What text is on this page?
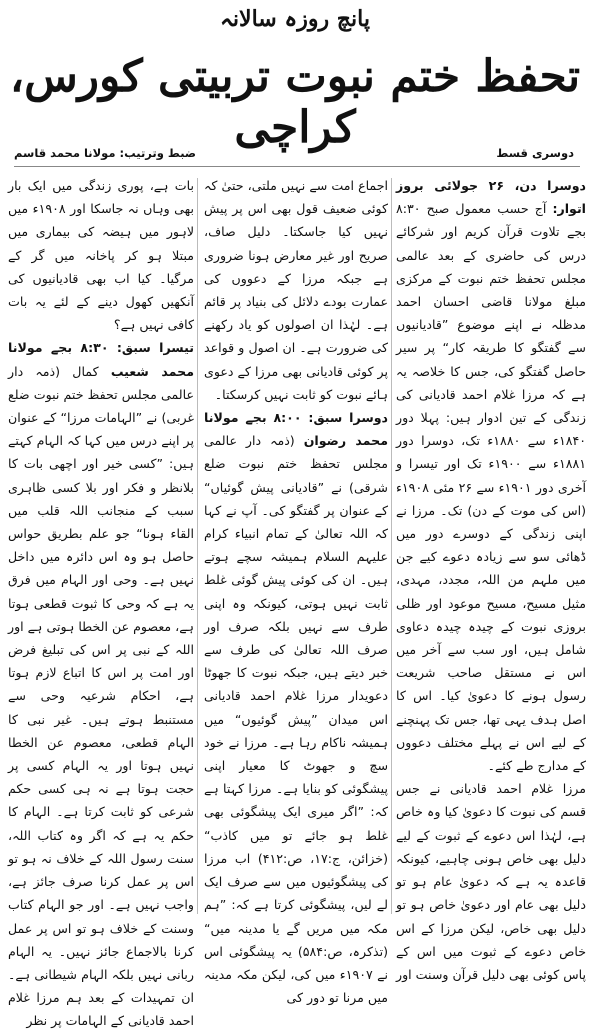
پانچ روزہ سالانہ
تحفظ ختم نبوت تربیتی کورس، کراچی
ضبط وترتیب: مولانا محمد قاسم	دوسری قسط

دوسرا دن، ۲۶ جولائی بروز اتوار: آج حسب معمول صبح ۸:۳۰ بجے تلاوت قرآن کریم اور شرکائے درس کی حاضری کے بعد عالمی مجلس تحفظ ختم نبوت کے مرکزی مبلغ مولانا قاضی احسان احمد مدظلہ نے اپنے موضوع ”قادیانیوں سے گفتگو کا طریقہ کار“ پر سیر حاصل گفتگو کی، جس کا خلاصہ یہ ہے کہ مرزا غلام احمد قادیانی کی زندگی کے تین ادوار ہیں: پہلا دور ۱۸۴۰ء سے ۱۸۸۰ء تک، دوسرا دور ۱۸۸۱ء سے ۱۹۰۰ء تک اور تیسرا و آخری دور ۱۹۰۱ء سے ۲۶ مئی ۱۹۰۸ء (اس کی موت کے دن) تک۔ مرزا نے اپنی زندگی کے دوسرے دور میں ڈھائی سو سے زیادہ دعوے کیے جن میں ملہم من اللہ، مجدد، مہدی، مثیل مسیح، مسیح موعود اور ظلی بروزی نبوت کے چیدہ چیدہ دعاوی شامل ہیں، اور سب سے آخر میں اس نے مستقل صاحب شریعت رسول ہونے کا دعویٰ کیا۔ اس کا اصل ہدف یہی تھا، جس تک پہنچنے کے لیے اس نے پہلے مختلف دعووں کے مدارج طے کئے۔

مرزا غلام احمد قادیانی نے جس قسم کی نبوت کا دعویٰ کیا وہ خاص ہے، لہٰذا اس دعوے کے ثبوت کے لیے دلیل بھی خاص ہونی چاہیے، کیونکہ قاعدہ یہ ہے کہ دعویٰ عام ہو تو دلیل بھی عام اور دعویٰ خاص ہو تو دلیل بھی خاص، لیکن مرزا کے اس خاص دعوے کے ثبوت میں اس کے پاس کوئی بھی دلیل قرآن وسنت اور

اجماع امت سے نہیں ملتی، حتیٰ کہ کوئی ضعیف قول بھی اس پر پیش نہیں کیا جاسکتا۔ دلیل صاف، صریح اور غیر معارض ہونا ضروری ہے جبکہ مرزا کے دعووں کی عمارت بودے دلائل کی بنیاد پر قائم ہے۔ لہٰذا ان اصولوں کو یاد رکھنے کی ضرورت ہے۔ ان اصول و قواعد پر کوئی قادیانی بھی مرزا کے دعوی ہائے نبوت کو ثابت نہیں کرسکتا۔

دوسرا سبق: ۸:۰۰ بجے مولانا محمد رضوان (ذمہ دار عالمی مجلس تحفظ ختم نبوت ضلع شرقی) نے ”قادیانی پیش گوئیاں“ کے عنوان پر گفتگو کی۔ آپ نے کہا کہ اللہ تعالیٰ کے تمام انبیاء کرام علیہم السلام ہمیشہ سچے ہوتے ہیں۔ ان کی کوئی پیش گوئی غلط ثابت نہیں ہوتی، کیونکہ وہ اپنی طرف سے نہیں بلکہ صرف اور صرف اللہ تعالیٰ کی طرف سے خبر دیتے ہیں، جبکہ نبوت کا جھوٹا دعویدار مرزا غلام احمد قادیانی اس میدان ”پیش گوئیوں“ میں ہمیشہ ناکام رہا ہے۔ مرزا نے خود سچ و جھوٹ کا معیار اپنی پیشگوئی کو بنایا ہے۔ مرزا کہتا ہے کہ: ”اگر میری ایک پیشگوئی بھی غلط ہو جائے تو میں کاذب“ (خزائن، ج:۱۷، ص:۴۱۲) اب مرزا کی پیشگوئیوں میں سے صرف ایک لے لیں، پیشگوئی کرتا ہے کہ: ”ہم مکہ میں مریں گے یا مدینہ میں“ (تذکرہ، ص:۵۸۴) یہ پیشگوئی اس نے ۱۹۰۷ء میں کی، لیکن مکہ مدینہ میں مرنا تو دور کی

بات ہے، پوری زندگی میں ایک بار بھی وہاں نہ جاسکا اور ۱۹۰۸ء میں لاہور میں ہیضہ کی بیماری میں مبتلا ہو کر پاخانہ میں گر کے مرگیا۔ کیا اب بھی قادیانیوں کی آنکھیں کھول دینے کے لئے یہ بات کافی نہیں ہے؟

تیسرا سبق: ۸:۳۰ بجے مولانا محمد شعیب کمال (ذمہ دار عالمی مجلس تحفظ ختم نبوت ضلع غربی) نے ”الہامات مرزا“ کے عنوان پر اپنے درس میں کہا کہ الہام کہتے ہیں: ”کسی خیر اور اچھی بات کا بلانظر و فکر اور بلا کسی ظاہری سبب کے منجانب اللہ قلب میں القاء ہونا“ جو علم بطریق حواس حاصل ہو وہ اس دائرہ میں داخل نہیں ہے۔ وحی اور الہام میں فرق یہ ہے کہ وحی کا ثبوت قطعی ہوتا ہے، معصوم عن الخطا ہوتی ہے اور اللہ کے نبی پر اس کی تبلیغ فرض اور امت پر اس کا اتباع لازم ہوتا ہے، احکام شرعیہ وحی سے مستنبط ہوتے ہیں۔ غیر نبی کا الہام قطعی، معصوم عن الخطا نہیں ہوتا اور یہ الہام کسی پر حجت ہوتا ہے نہ ہی کسی حکم شرعی کو ثابت کرتا ہے۔ الہام کا حکم یہ ہے کہ اگر وہ کتاب اللہ، سنت رسول اللہ کے خلاف نہ ہو تو اس پر عمل کرنا صرف جائز ہے، واجب نہیں ہے۔ اور جو الہام کتاب وسنت کے خلاف ہو تو اس پر عمل کرنا بالاجماع جائز نہیں۔ یہ الہام ربانی نہیں بلکہ الہام شیطانی ہے۔ ان تمہیدات کے بعد ہم مرزا غلام احمد قادیانی کے الہامات پر نظر
